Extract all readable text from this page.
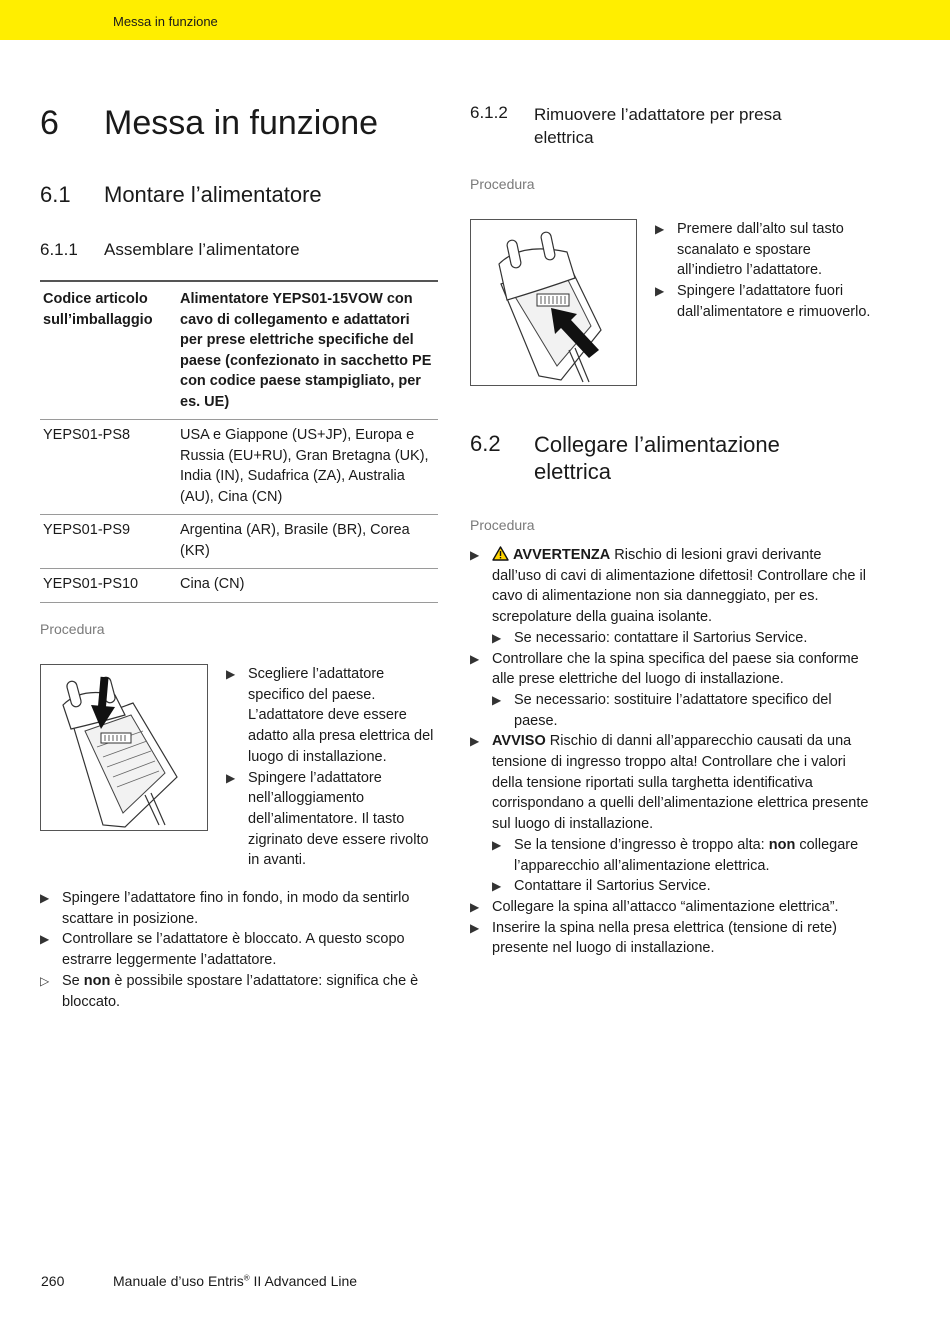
Messa in funzione
6 Messa in funzione
6.1 Montare l’alimentatore
6.1.1 Assemblare l’alimentatore
Codice articolo sull’imballaggio	Alimentatore YEPS01-15VOW con cavo di collegamento e adattatori per prese elettriche specifiche del paese (confezionato in sacchetto PE con codice paese stampigliato, per es. UE)
YEPS01-PS8	USA e Giappone (US+JP), Europa e Russia (EU+RU), Gran Bretagna (UK), India (IN), Sudafrica (ZA), Australia (AU), Cina (CN)
YEPS01-PS9	Argentina (AR), Brasile (BR), Corea (KR)
YEPS01-PS10	Cina (CN)
Procedura
▶ Scegliere l’adattatore specifico del paese. L’adattatore deve essere adatto alla presa elettrica del luogo di installazione.
▶ Spingere l’adattatore nell’alloggiamento dell’alimentatore. Il tasto zigrinato deve essere rivolto in avanti.
▶ Spingere l’adattatore fino in fondo, in modo da sentirlo scattare in posizione.
▶ Controllare se l’adattatore è bloccato. A questo scopo estrarre leggermente l’adattatore.
▷ Se non è possibile spostare l’adattatore: significa che è bloccato.
6.1.2 Rimuovere l’adattatore per presa elettrica
Procedura
▶ Premere dall’alto sul tasto scanalato e spostare all’indietro l’adattatore.
▶ Spingere l’adattatore fuori dall’alimentatore e rimuoverlo.
6.2 Collegare l’alimentazione elettrica
Procedura
▶ AVVERTENZA Rischio di lesioni gravi derivante dall’uso di cavi di alimentazione difettosi! Controllare che il cavo di alimentazione non sia danneggiato, per es. screpolature della guaina isolante.
▶ Se necessario: contattare il Sartorius Service.
▶ Controllare che la spina specifica del paese sia conforme alle prese elettriche del luogo di installazione.
▶ Se necessario: sostituire l’adattatore specifico del paese.
▶ AVVISO Rischio di danni all’apparecchio causati da una tensione di ingresso troppo alta! Controllare che i valori della tensione riportati sulla targhetta identificativa corrispondano a quelli dell’alimentazione elettrica presente sul luogo di installazione.
▶ Se la tensione d’ingresso è troppo alta: non collegare l’apparecchio all’alimentazione elettrica.
▶ Contattare il Sartorius Service.
▶ Collegare la spina all’attacco “alimentazione elettrica”.
▶ Inserire la spina nella presa elettrica (tensione di rete) presente nel luogo di installazione.
260	Manuale d’uso Entris® II Advanced Line
